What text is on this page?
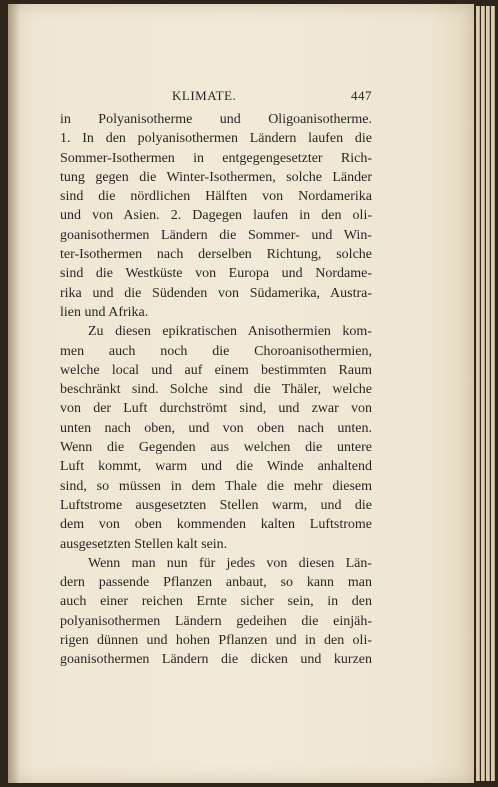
KLIMATE.	447
in Polyanisotherme und Oligoanisotherme.
1. In den polyanisothermen Ländern laufen die
Sommer-Isothermen in entgegengesetzter Rich-
tung gegen die Winter-Isothermen, solche Länder
sind die nördlichen Hälften von Nordamerika
und von Asien. 2. Dagegen laufen in den oli-
goanisothermen Ländern die Sommer- und Win-
ter-Isothermen nach derselben Richtung, solche
sind die Westküste von Europa und Nordame-
rika und die Südenden von Südamerika, Austra-
lien und Afrika.
Zu diesen epikratischen Anisothermien kom-
men auch noch die Choroanisothermien,
welche local und auf einem bestimmten Raum
beschränkt sind. Solche sind die Thäler, welche
von der Luft durchströmt sind, und zwar von
unten nach oben, und von oben nach unten.
Wenn die Gegenden aus welchen die untere
Luft kommt, warm und die Winde anhaltend
sind, so müssen in dem Thale die mehr diesem
Luftstrome ausgesetzten Stellen warm, und die
dem von oben kommenden kalten Luftstrome
ausgesetzten Stellen kalt sein.
Wenn man nun für jedes von diesen Län-
dern passende Pflanzen anbaut, so kann man
auch einer reichen Ernte sicher sein, in den
polyanisothermen Ländern gedeihen die einjäh-
rigen dünnen und hohen Pflanzen und in den oli-
goanisothermen Ländern die dicken und kurzen
